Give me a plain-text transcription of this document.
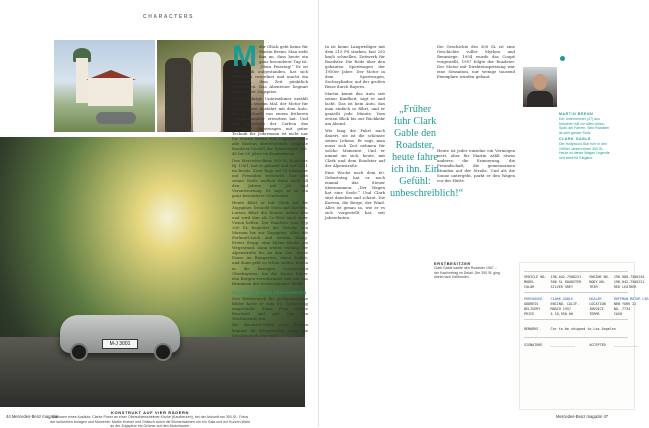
CHARACTERS
M-J 3001
KONSTRUKT AUF VIER RÄDERN
Stationen eines Ausfluts: Clarke Poser an einer Oberschleissheimer Kirche (Kaufbeuren), bei der Ankunft am 300 SL. Fotos der kulturellen Anlagen und Momente: Martin Kreiser und Grätsch durch die Blumenwiesen um ein Gala und ein Kurven-Wald an der Zugspitze bis Grümer auf den Motorhaube.
44 Mercedes-Benz magazin
M ehr Glück geht keine für Martin Brenn. Man sieht ihm an, dass heute ein ganz besonderer Tag ist. „Mein Feiertag!“ Er ist extra früh aufgestanden, hat sich Frühstück verordnet und macht ein Verbindet, dem Zeit pünktlich loszufahren. Das Abenteuer beginnt jetzt, an der Zugspitze.

Der 47-jährige Unternehmer erzählt heute von seinem Mal, der Motor für eine längere Ausfahrt mit dem Auto, das er schnell von einem früheren Oldtimerhändler erworben hat. Und was außerhalb der Carbon das klassische Sportwagen mit guter Technik für Jedermann ist nicht nur für Martin Brenn eine Legende. Eine alte Morbus überdeutende, elegante Roadster-Modell der Sportwagen gut. 40 bis 50 Jahre im Kundenkreis.

Den Mercedes-Benz 300 SL Roadster, Bj. 1961, hat er gekauft und seit 2011 im Besitz. Zwei Tage auf 50 Kilometer mit Freunden verbracht. Das gibt seiner Seele endlich Ruhe nach all den Jahren mit Job und Verantwortung. Er sagt, er ist ein ganz besonderer Gentleman.

Heute fährt er mit Clark auf die Zugspitze, besucht Seen und Kirchen. Lorenz fährt die Kontur neben ihm und wird ihm als Co-Pilot nach einer Vision helfen. Der Roadster vom Typ 300 SL begleitet die Strecke von Murnau bis zur Zugspitze, alles mit Perlmutt-Lack und sattem Klang. Erster Stopp: eine kleine Kirche am Wegesrand, dann weiter entlang der Alpenstraße bis an den See. Kurze Pause im Biergarten, einen Kaffee, und dann geht es schon weiter, hinein in die kurvigen Landstraßen Oberbayerns, bis die Sonne hinter den Bergen verschwindet und nur das Brummen des Sechszylinders bleibt.

ROADMOVIE ZUM SECHZIGSTEN

Den Wettbewerb für großgewordene Bilder hatte er zum 60. Geburtstag eingereicht. Seine Frau wusste Bescheid und gab ihm ein Wochenende frei.

Die Roadster-Fahrt nach Bayern beginnt im Morgenlicht, wenn die Straßen noch leer sind.

Mercedes-Benz magazin 47

In ist keine Langweiliger mit dem 215 PS starken, fast 250 km/h schnellen, Zeitwerk für Roadster. Die Rede über den gebauten Sportwagen der 1950er Jahre. Der Motor in dem Sportwagen, Sechszylinder, auf der großen Reise durch Bayern.

Martin kennt das Auto seit seiner Kindheit, sagt er und lacht. Das ist kein Auto, das man einfach so fährt, und er genießt jede Minute. Vom ersten Blick bis zur Rückkehr am Abend.

Wie lang die Fahrt auch dauert, sie ist die schönste seines Lebens. Er sagt, man muss sich Zeit nehmen für solche Momente. Und er nimmt sie sich, heute, mit Clark und dem Roadster auf der Alpenstraße.

Eine Woche nach dem 60. Geburtstag hat er noch einmal das Steuer übernommen: „Der Wagen hat eine Seele.“ Und Clark sitzt daneben und schaut. Die Kurven, die Berge, der Wind. Alles ist genau so, wie er es sich vorgestellt hat, seit Jahrzehnten.

Die Geschichte des 300 SL ist eine Geschichte voller Mythen und Rennsiege. 1954 wurde das Coupé vorgestellt, 1957 folgte der Roadster. Der Motor mit Direkteinspritzung war eine Sensation, nur wenige tausend Exemplare wurden gebaut.

Heute ist jeder einzelne ein Vermögen wert, aber für Martin zählt etwas anderes: die Erinnerung, die Freundschaft, die gemeinsamen Stunden auf der Straße. Und als die Sonne untergeht, parkt er den Wagen vor der Hütte.

„Früher fuhr Clark Gable den Roadster, heute fahre ich ihn. Ein Gefühl: unbeschreiblich!“
MARTIN BRENN
Der Unternehmer (47) aus München will vor allem eines: Spaß am Fahren. Sein Roadster ist sein ganzer Stolz.
CLARK GABLE
Der Hollywood-Star fuhr in den 1950er Jahren einen 300 SL. Heute ist dieser Wagen Legende und steht für Eleganz.
ERSTBESITZER
Clark Gable kaufte den Roadster 1957 – der Kaufvertrag im Detail. Der 300 SL ging direkt nach Kalifornien.	VEHICLE NO.  198.042.7500221    ENGINE NO.  198.980.7500254
MODEL        300 SL ROADSTER    BODY NO.    198.042.7500221
COLOR        SILVER GREY        TRIM        RED LEATHER
PURCHASER    CLARK GABLE        DEALER      HOFFMAN MOTOR CAR
ADDRESS      ENCINO, CALIF.     LOCATION    NEW YORK 22
DELIVERY     MARCH 1957         INVOICE     NO. 7734
PRICE        $ 10,950.00        TERMS       CASH
REMARKS      Car to be shipped to Los Angeles
SIGNATURE    ____________       ACCEPTED    ____________
